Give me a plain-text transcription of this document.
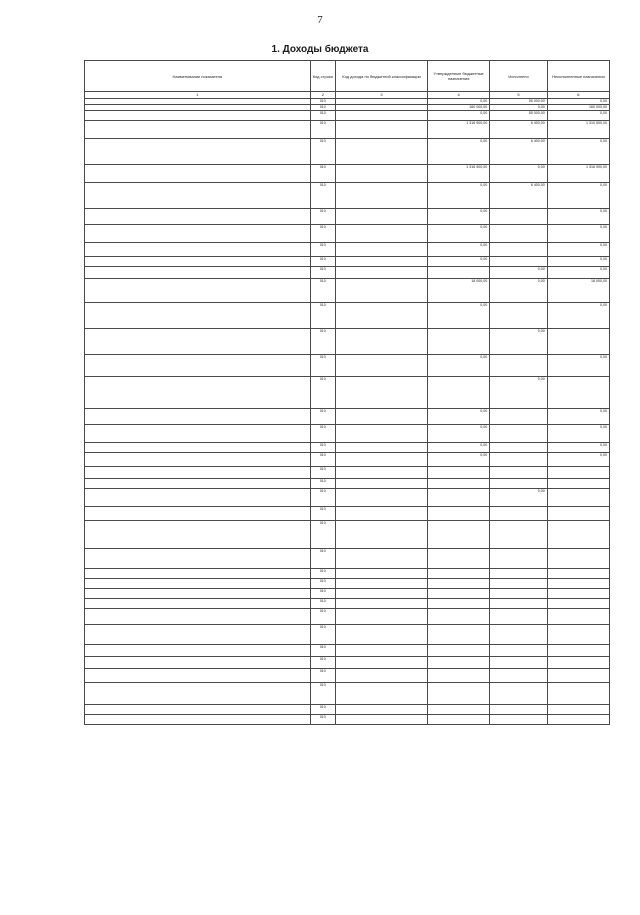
7
1. Доходы бюджета
Наименование показателя	Код строки	Код дохода по бюджетной классификации	Утвержденные бюджетные назначения	Исполнено	Неисполненные назначения
1	2	3	4	5	6
	010		0,00	55 000,00	0,00
	010		160 000,00	0,00	160 000,00
	010		0,00	55 000,00	0,00
	010		1 316 900,00	6 400,00	1 310 500,00
	010		0,00	6 400,00	0,00
	010		1 316 900,00	0,00	1 316 900,00
	010		0,00	6 400,00	0,00
	010		0,00		0,00
	010		0,00		0,00
	010		0,00		0,00
	010		0,00		0,00
	010			0,00	0,00
	010		18 000,00	0,00	18 000,00
	010		0,00		0,00
	010			0,00	
	010		0,00		0,00
	010			0,00	
	010		0,00		0,00
	010		0,00		0,00
	010		0,00		0,00
	010		0,00		0,00
	010				
	010				
	010			0,00	
	010				
	010				
	010				
	010				
	010				
	010				
	010				
	010				
	010				
	010				
	010				
	010				
	010				
	010				
	010				
